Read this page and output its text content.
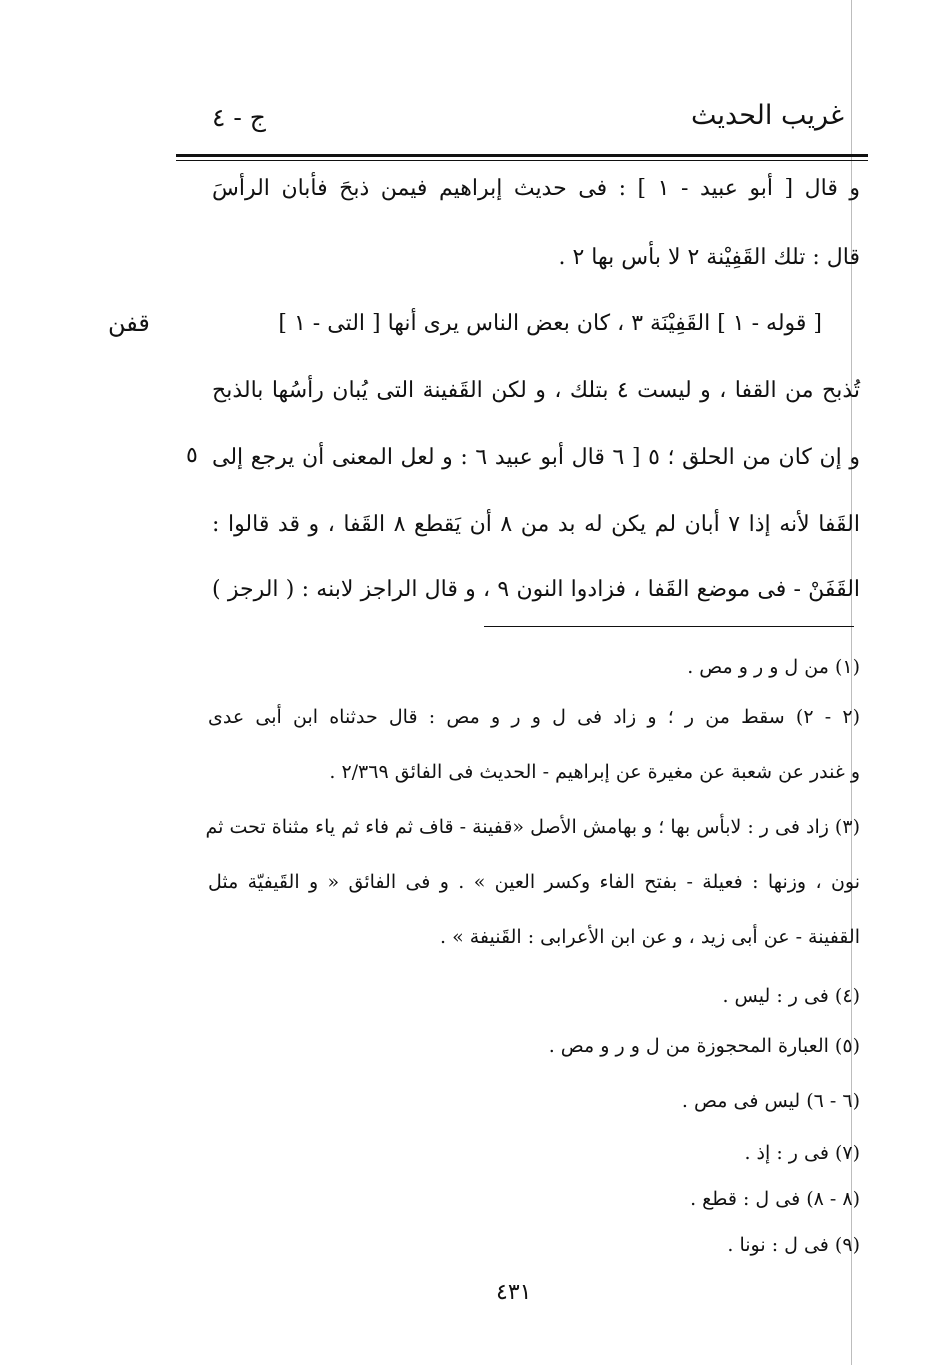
غريب الحديث
ج - ٤
و قال [ أبو عبيد - ١ ] : فى حديث إبراهيم فيمن ذبحَ فأبان الرأسَ
قال : تلك القَفِيْنة ٢ لا بأس بها ٢ .
[ قوله - ١ ] القَفِيْنَة ٣ ، كان بعض الناس يرى أنها [ التى - ١ ]
تُذبح من القفا ، و ليست ٤ بتلك ، و لكن القَفينة التى يُبان رأسُها بالذبح
و إن كان من الحلق ؛ ٥ [ ٦ قال أبو عبيد ٦ : و لعل المعنى أن يرجع إلى
القَفا لأنه إذا ٧ أبان لم يكن له بد من ٨ أن يَقطع ٨ القَفا ، و قد قالوا :
القَفَنْ - فى موضع القَفا ، فزادوا النون ٩ ، و قال الراجز لابنه : ( الرجز )
قفن
٥
(١) من ل و ر و مص .
(٢ - ٢) سقط من ر ؛ و زاد فى ل و ر و مص : قال حدثناه ابن أبى عدى
و غندر عن شعبة عن مغيرة عن إبراهيم - الحديث فى الفائق ٢/٣٦٩ .
(٣) زاد فى ر : لابأس بها ؛ و بهامش الأصل «قفينة - قاف ثم فاء ثم ياء مثناة تحت ثم
نون ، وزنها : فعيلة - بفتح الفاء وكسر العين » . و فى الفائق « و القَيفيّة مثل
القفينة - عن أبى زيد ، و عن ابن الأعرابى : القَنيفة » .
(٤) فى ر : ليس .
(٥) العبارة المحجوزة من ل و ر و مص .
(٦ - ٦) ليس فى مص .
(٧) فى ر : إذ .
(٨ - ٨) فى ل : قطع .
(٩) فى ل : نونا .
٤٣١
